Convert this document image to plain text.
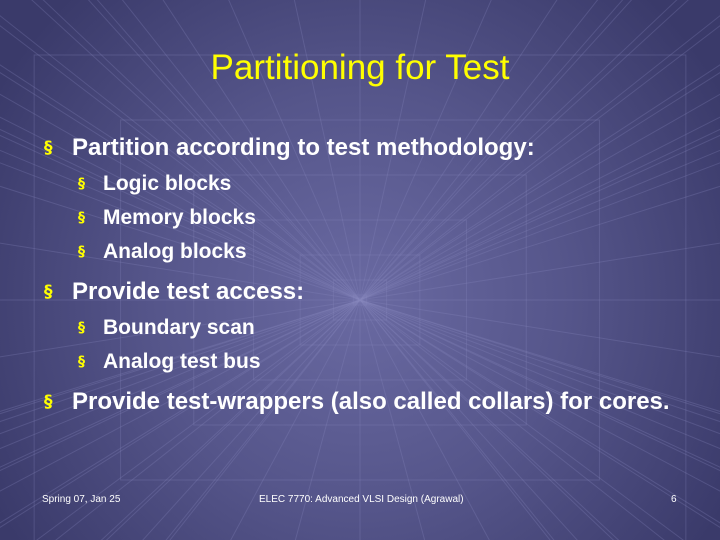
Partitioning for Test
§ Partition according to test methodology:
§ Logic blocks
§ Memory blocks
§ Analog blocks
§ Provide test access:
§ Boundary scan
§ Analog test bus
§ Provide test-wrappers (also called collars) for cores.
Spring 07, Jan 25	ELEC 7770: Advanced VLSI Design (Agrawal)	6
